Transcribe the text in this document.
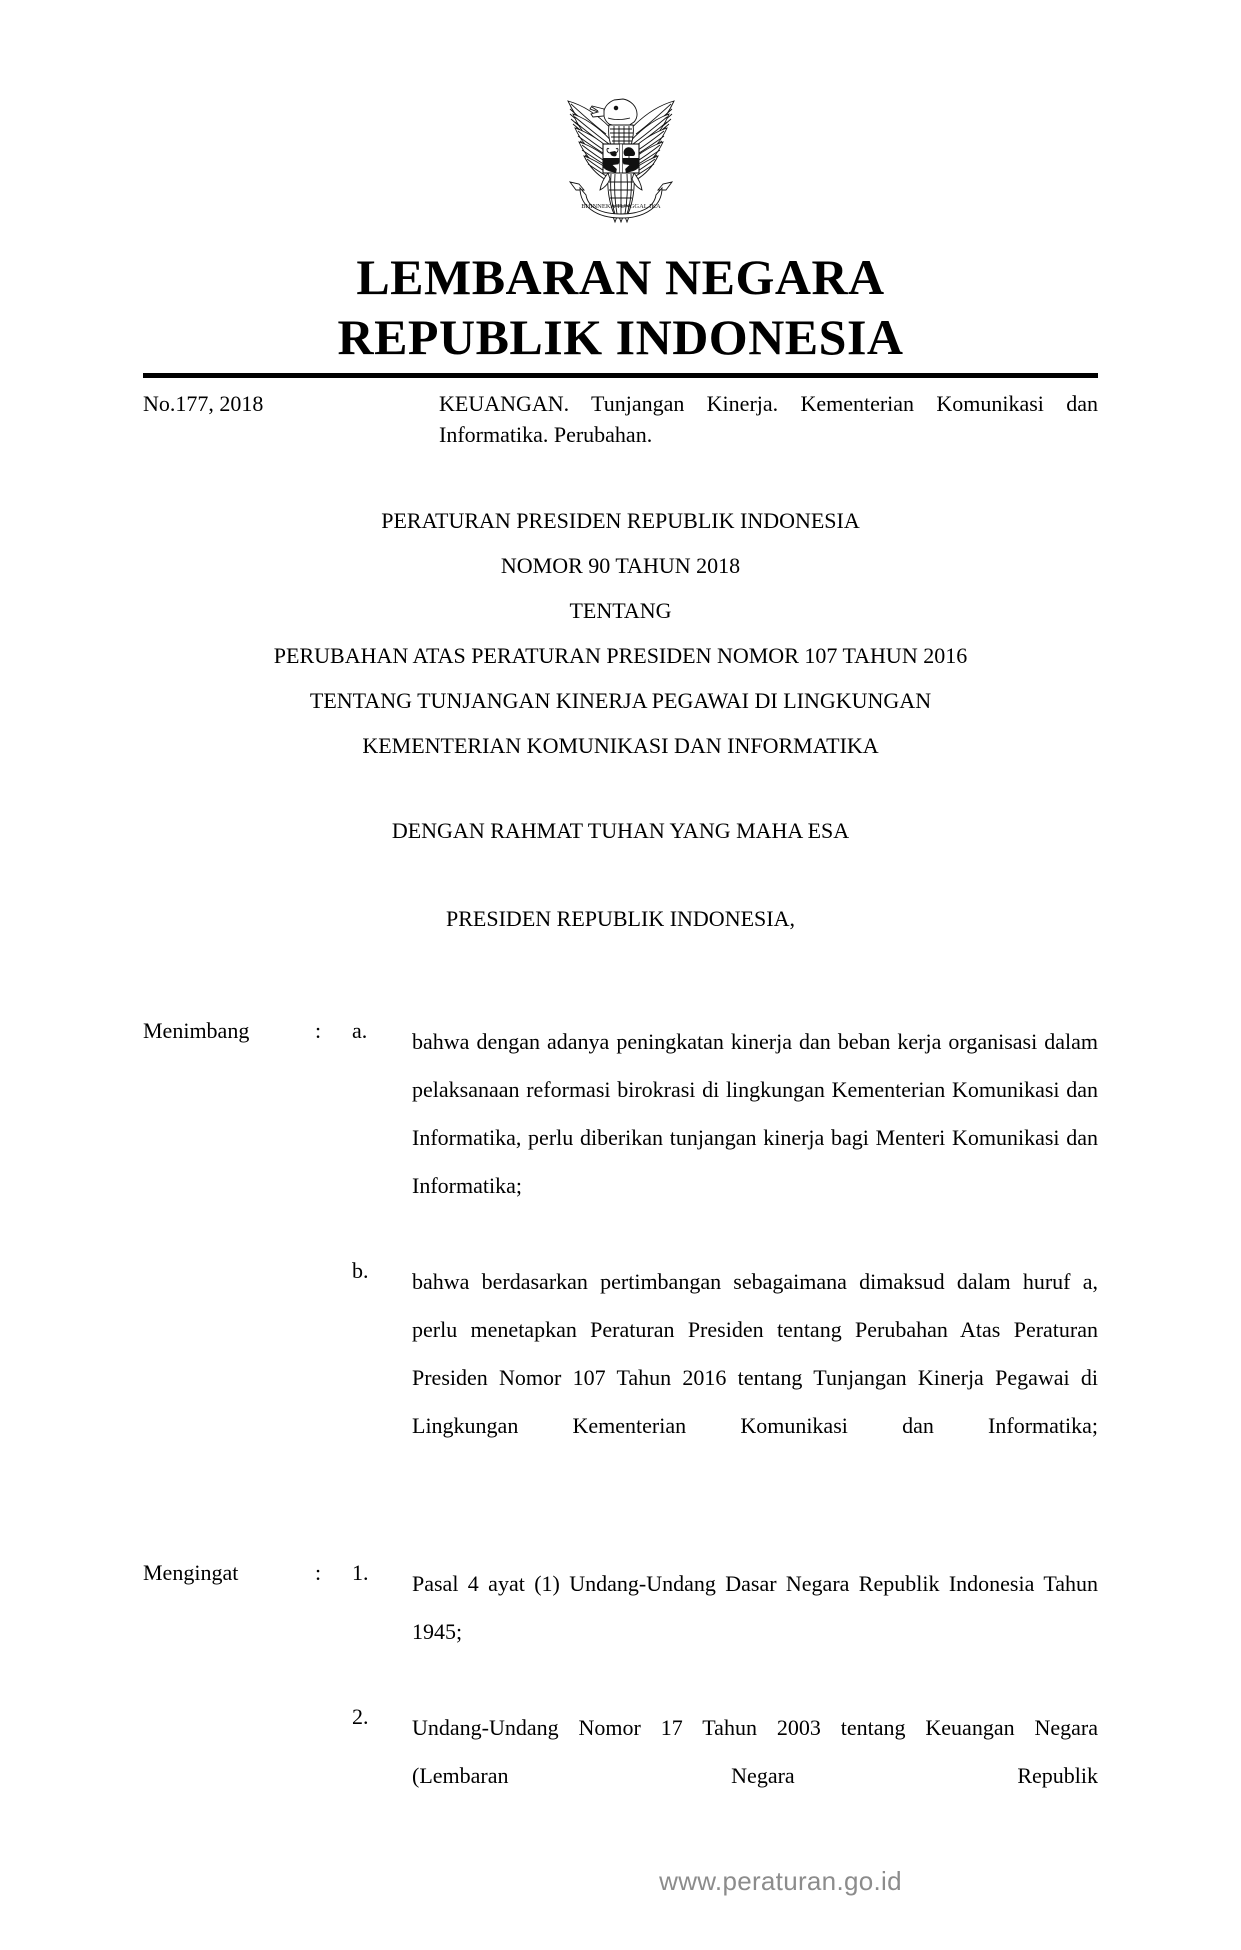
BHINNEKA TUNGGAL IKA
LEMBARAN NEGARA
REPUBLIK INDONESIA
No.177, 2018	KEUANGAN. Tunjangan Kinerja. Kementerian Komunikasi dan Informatika. Perubahan.
PERATURAN PRESIDEN REPUBLIK INDONESIA
NOMOR 90 TAHUN 2018
TENTANG
PERUBAHAN ATAS PERATURAN PRESIDEN NOMOR 107 TAHUN 2016
TENTANG TUNJANGAN KINERJA PEGAWAI DI LINGKUNGAN
KEMENTERIAN KOMUNIKASI DAN INFORMATIKA
DENGAN RAHMAT TUHAN YANG MAHA ESA
PRESIDEN REPUBLIK INDONESIA,
Menimbang	: a.	bahwa dengan adanya peningkatan kinerja dan beban kerja organisasi dalam pelaksanaan reformasi birokrasi di lingkungan Kementerian Komunikasi dan Informatika, perlu diberikan tunjangan kinerja bagi Menteri Komunikasi dan Informatika;
b.	bahwa berdasarkan pertimbangan sebagaimana dimaksud dalam huruf a, perlu menetapkan Peraturan Presiden tentang Perubahan Atas Peraturan Presiden Nomor 107 Tahun 2016 tentang Tunjangan Kinerja Pegawai di Lingkungan Kementerian Komunikasi dan Informatika;
Mengingat	: 1.	Pasal 4 ayat (1) Undang-Undang Dasar Negara Republik Indonesia Tahun 1945;
2.	Undang-Undang Nomor 17 Tahun 2003 tentang Keuangan Negara (Lembaran Negara Republik
www.peraturan.go.id
